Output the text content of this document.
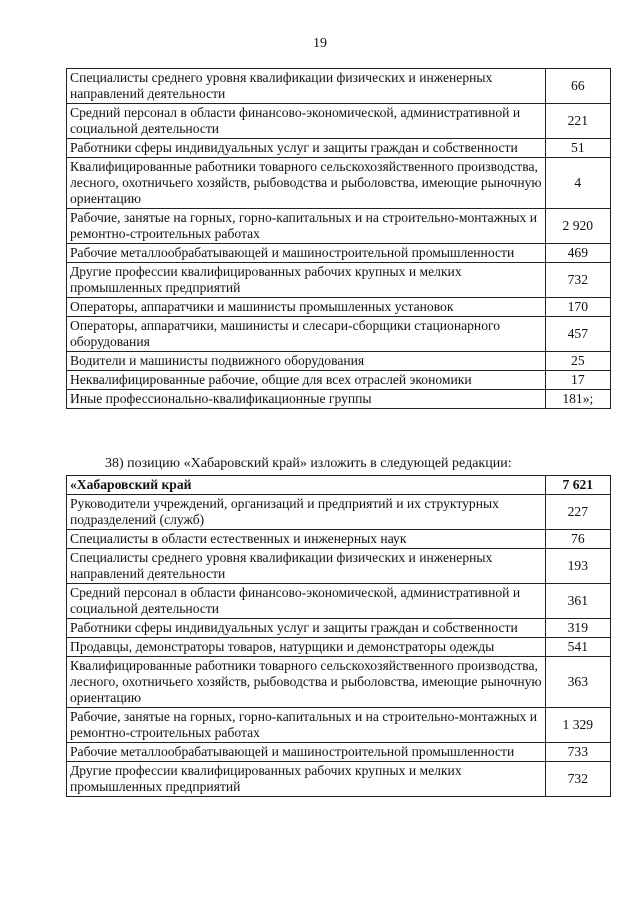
19
Специалисты среднего уровня квалификации физических и инженерных направлений деятельности	66
Средний персонал в области финансово-экономической, административной и социальной деятельности	221
Работники сферы индивидуальных услуг и защиты граждан и собственности	51
Квалифицированные работники товарного сельскохозяйственного производства, лесного, охотничьего хозяйств, рыбоводства и рыболовства, имеющие рыночную ориентацию	4
Рабочие, занятые на горных, горно-капитальных и на строительно-монтажных и ремонтно-строительных работах	2 920
Рабочие металлообрабатывающей и машиностроительной промышленности	469
Другие профессии квалифицированных рабочих крупных и мелких промышленных предприятий	732
Операторы, аппаратчики и машинисты промышленных установок	170
Операторы, аппаратчики, машинисты и слесари-сборщики стационарного оборудования	457
Водители и машинисты подвижного оборудования	25
Неквалифицированные рабочие, общие для всех отраслей экономики	17
Иные профессионально-квалификационные группы	181»;
38) позицию «Хабаровский край» изложить в следующей редакции:
«Хабаровский край	7 621
Руководители учреждений, организаций и предприятий и их структурных подразделений (служб)	227
Специалисты в области естественных и инженерных наук	76
Специалисты среднего уровня квалификации физических и инженерных направлений деятельности	193
Средний персонал в области финансово-экономической, административной и социальной деятельности	361
Работники сферы индивидуальных услуг и защиты граждан и собственности	319
Продавцы, демонстраторы товаров, натурщики и демонстраторы одежды	541
Квалифицированные работники товарного сельскохозяйственного производства, лесного, охотничьего хозяйств, рыбоводства и рыболовства, имеющие рыночную ориентацию	363
Рабочие, занятые на горных, горно-капитальных и на строительно-монтажных и ремонтно-строительных работах	1 329
Рабочие металлообрабатывающей и машиностроительной промышленности	733
Другие профессии квалифицированных рабочих крупных и мелких промышленных предприятий	732
